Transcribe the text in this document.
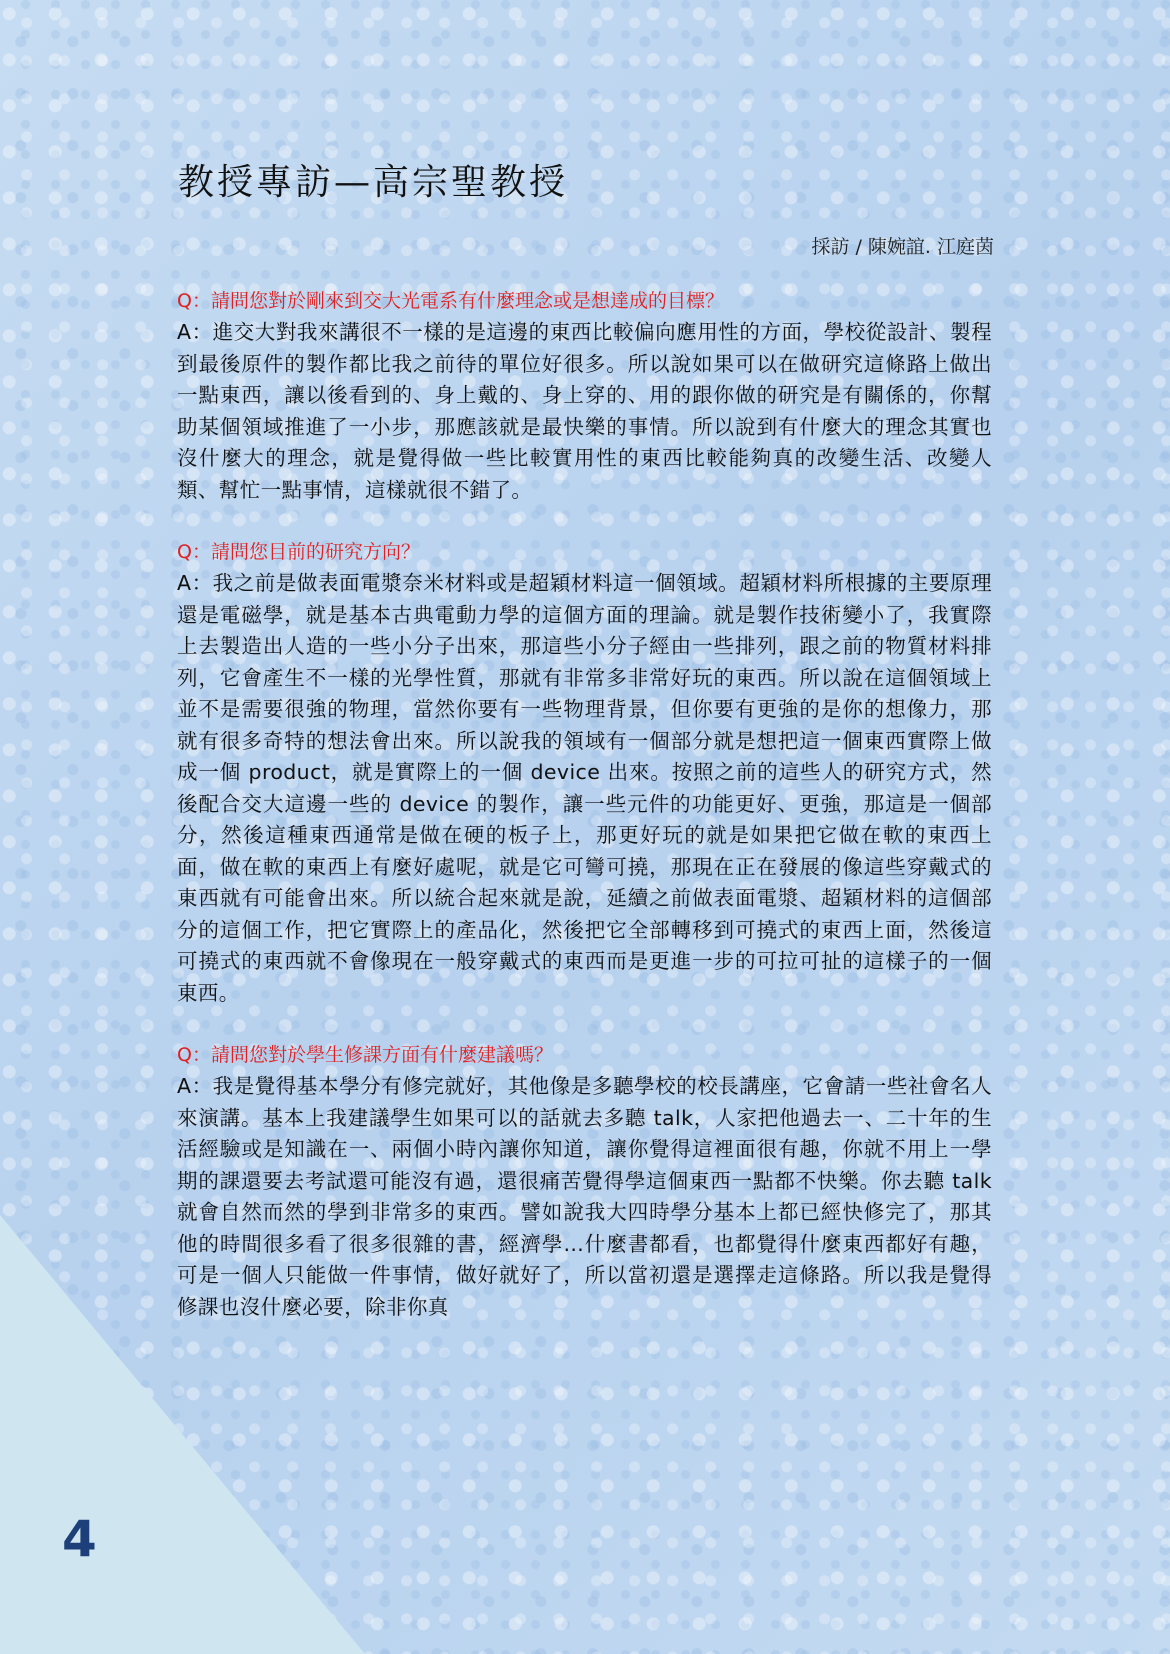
教授專訪—高宗聖教授
採訪 / 陳婉誼. 江庭茵

Q：請問您對於剛來到交大光電系有什麼理念或是想達成的目標？

A：進交大對我來講很不一樣的是這邊的東西比較偏向應用性的方面，學校從設計、製程到最後原件的製作都比我之前待的單位好很多。所以說如果可以在做研究這條路上做出一點東西，讓以後看到的、身上戴的、身上穿的、用的跟你做的研究是有關係的，你幫助某個領域推進了一小步，那應該就是最快樂的事情。所以說到有什麼大的理念其實也沒什麼大的理念，就是覺得做一些比較實用性的東西比較能夠真的改變生活、改變人類、幫忙一點事情，這樣就很不錯了。

Q：請問您目前的研究方向？

A：我之前是做表面電漿奈米材料或是超穎材料這一個領域。超穎材料所根據的主要原理還是電磁學，就是基本古典電動力學的這個方面的理論。就是製作技術變小了，我實際上去製造出人造的一些小分子出來，那這些小分子經由一些排列，跟之前的物質材料排列，它會產生不一樣的光學性質，那就有非常多非常好玩的東西。所以說在這個領域上並不是需要很強的物理，當然你要有一些物理背景，但你要有更強的是你的想像力，那就有很多奇特的想法會出來。所以說我的領域有一個部分就是想把這一個東西實際上做成一個 product，就是實際上的一個 device 出來。按照之前的這些人的研究方式，然後配合交大這邊一些的 device 的製作，讓一些元件的功能更好、更強，那這是一個部分，然後這種東西通常是做在硬的板子上，那更好玩的就是如果把它做在軟的東西上面，做在軟的東西上有麼好處呢，就是它可彎可撓，那現在正在發展的像這些穿戴式的東西就有可能會出來。所以統合起來就是說，延續之前做表面電漿、超穎材料的這個部分的這個工作，把它實際上的產品化，然後把它全部轉移到可撓式的東西上面，然後這可撓式的東西就不會像現在一般穿戴式的東西而是更進一步的可拉可扯的這樣子的一個東西。

Q：請問您對於學生修課方面有什麼建議嗎？

A：我是覺得基本學分有修完就好，其他像是多聽學校的校長講座，它會請一些社會名人來演講。基本上我建議學生如果可以的話就去多聽 talk，人家把他過去一、二十年的生活經驗或是知識在一、兩個小時內讓你知道，讓你覺得這裡面很有趣，你就不用上一學期的課還要去考試還可能沒有過，還很痛苦覺得學這個東西一點都不快樂。你去聽 talk 就會自然而然的學到非常多的東西。譬如說我大四時學分基本上都已經快修完了，那其他的時間很多看了很多很雜的書，經濟學…什麼書都看，也都覺得什麼東西都好有趣，可是一個人只能做一件事情，做好就好了，所以當初還是選擇走這條路。所以我是覺得修課也沒什麼必要，除非你真

4
